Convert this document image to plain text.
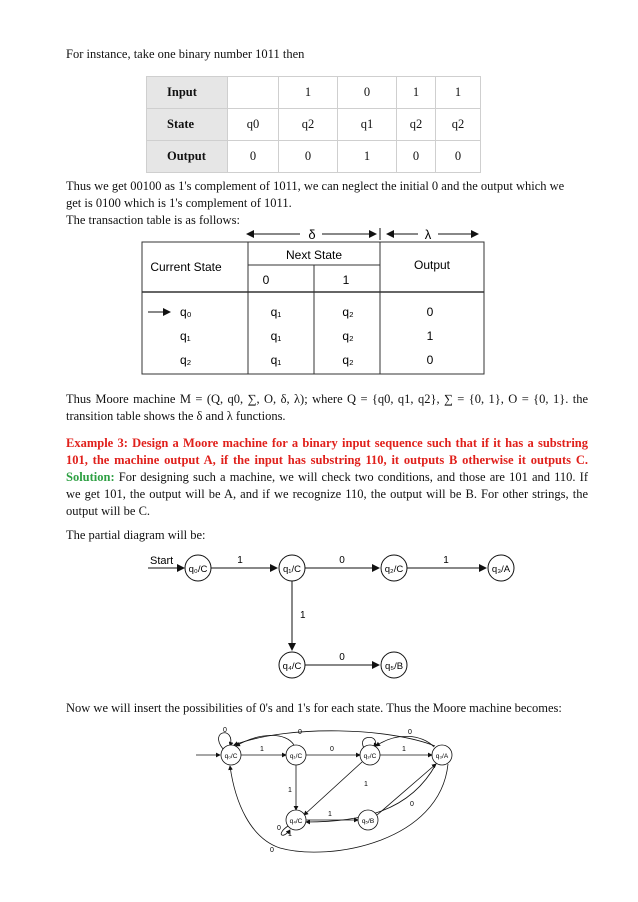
For instance, take one binary number 1011 then
Input		1	0	1	1
State	q0	q2	q1	q2	q2
Output	0	0	1	0	0
Thus we get 00100 as 1's complement of 1011, we can neglect the initial 0 and the output which we
get is 0100 which is 1's complement of 1011.
The transaction table is as follows:
δ	λ
Current State
Next State
Output
0	1
q₀	q₁	q₂	0
q₁	q₁	q₂	1
q₂	q₁	q₂	0
Thus Moore machine M = (Q, q0, ∑, O, δ, λ); where Q = {q0, q1, q2}, ∑ = {0, 1}, O = {0, 1}. the transition table shows the δ and λ functions.
Example 3: Design a Moore machine for a binary input sequence such that if it has a substring 101, the machine output A, if the input has substring 110, it outputs B otherwise it outputs C. Solution: For designing such a machine, we will check two conditions, and those are 101 and 110. If we get 101, the output will be A, and if we recognize 110, the output will be B. For other strings, the output will be C.
The partial diagram will be:
Start
q₀/C
1
q₁/C
0
q₂/C
1
q₃/A
1
q₄/C
0
q₅/B
Now we will insert the possibilities of 0's and 1's for each state. Thus the Moore machine becomes:
0
q₀/C
1
q₁/C
0
0
q₂/C
0
1
q₃/A
1
1
q₄/C
0
1
q₅/B
0
1
0
